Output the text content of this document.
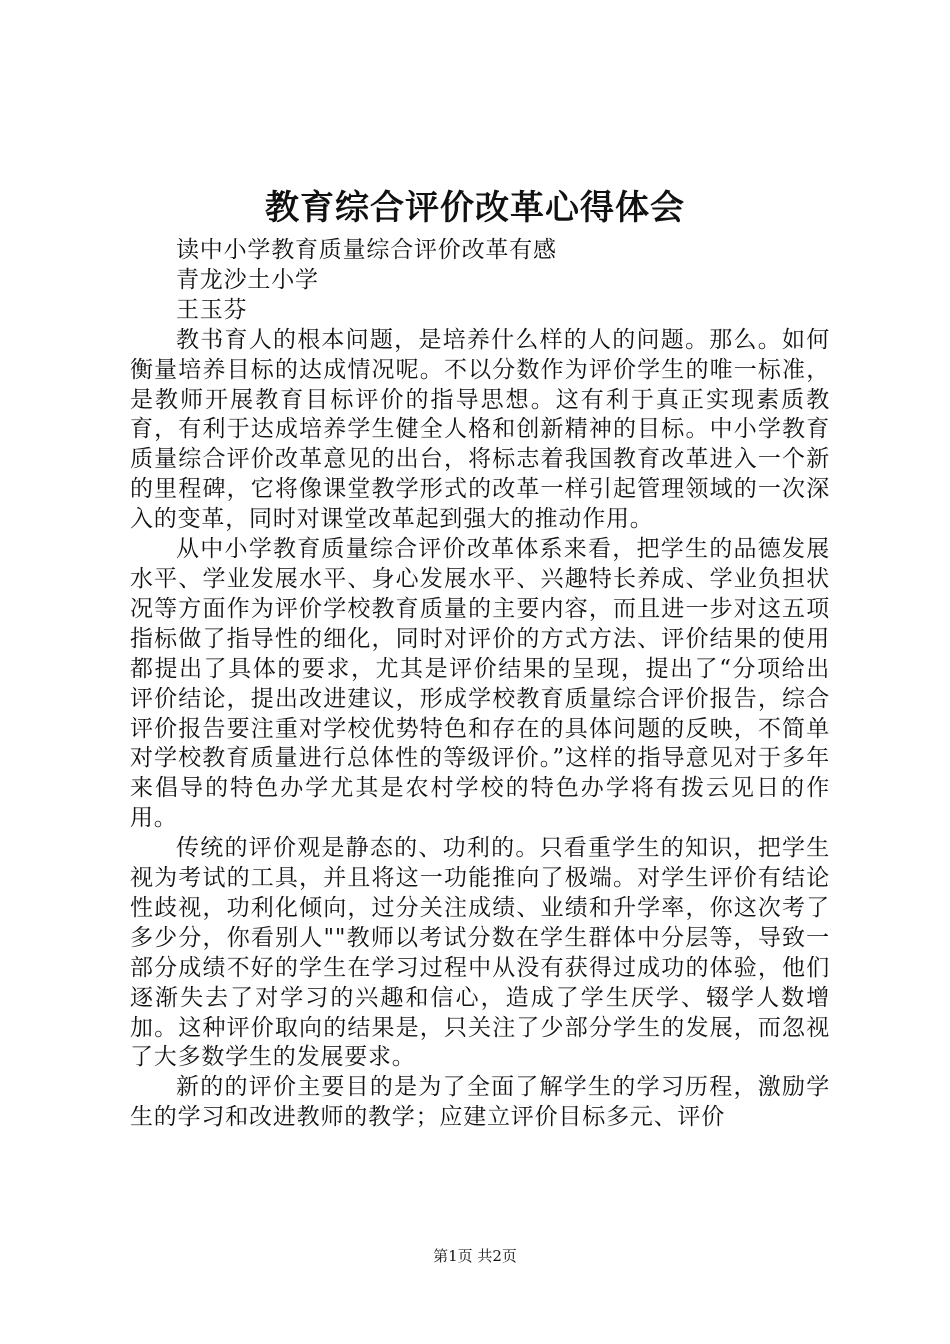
教育综合评价改革心得体会
读中小学教育质量综合评价改革有感
青龙沙土小学
王玉芬

教书育人的根本问题，是培养什么样的人的问题。那么。如何衡量培养目标的达成情况呢。不以分数作为评价学生的唯一标准，是教师开展教育目标评价的指导思想。这有利于真正实现素质教育，有利于达成培养学生健全人格和创新精神的目标。中小学教育质量综合评价改革意见的出台，将标志着我国教育改革进入一个新的里程碑，它将像课堂教学形式的改革一样引起管理领域的一次深入的变革，同时对课堂改革起到强大的推动作用。

从中小学教育质量综合评价改革体系来看，把学生的品德发展水平、学业发展水平、身心发展水平、兴趣特长养成、学业负担状况等方面作为评价学校教育质量的主要内容，而且进一步对这五项指标做了指导性的细化，同时对评价的方式方法、评价结果的使用都提出了具体的要求，尤其是评价结果的呈现，提出了“分项给出评价结论，提出改进建议，形成学校教育质量综合评价报告，综合评价报告要注重对学校优势特色和存在的具体问题的反映，不简单对学校教育质量进行总体性的等级评价。”这样的指导意见对于多年来倡导的特色办学尤其是农村学校的特色办学将有拨云见日的作用。

传统的评价观是静态的、功利的。只看重学生的知识，把学生视为考试的工具，并且将这一功能推向了极端。对学生评价有结论性歧视，功利化倾向，过分关注成绩、业绩和升学率，你这次考了多少分，你看别人""教师以考试分数在学生群体中分层等，导致一部分成绩不好的学生在学习过程中从没有获得过成功的体验，他们逐渐失去了对学习的兴趣和信心，造成了学生厌学、辍学人数增加。这种评价取向的结果是，只关注了少部分学生的发展，而忽视了大多数学生的发展要求。

新的的评价主要目的是为了全面了解学生的学习历程，激励学生的学习和改进教师的教学；应建立评价目标多元、评价

第1页 共2页
